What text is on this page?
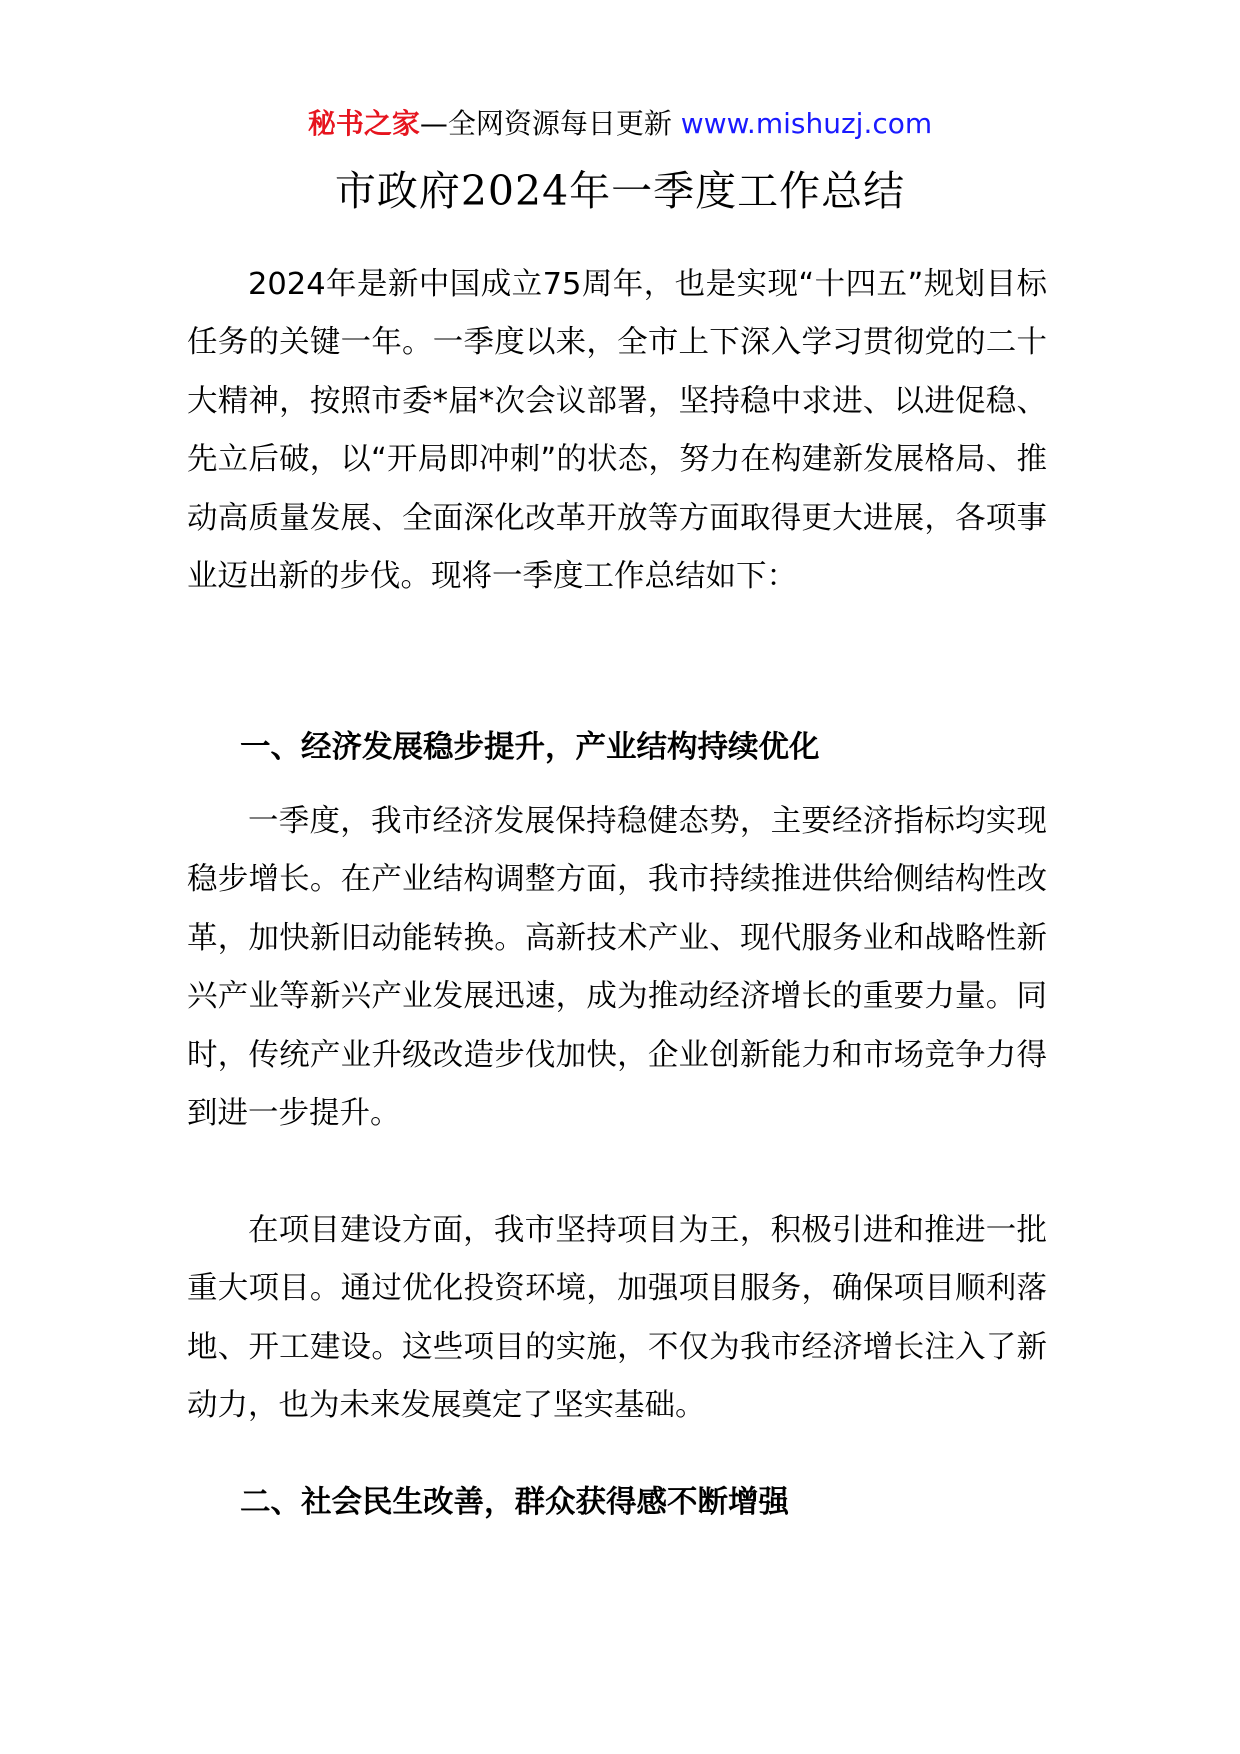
秘书之家—全网资源每日更新 www.mishuzj.com
市政府2024年一季度工作总结

2024年是新中国成立75周年，也是实现“十四五”规划目标任务的关键一年。一季度以来，全市上下深入学习贯彻党的二十大精神，按照市委*届*次会议部署，坚持稳中求进、以进促稳、先立后破，以“开局即冲刺”的状态，努力在构建新发展格局、推动高质量发展、全面深化改革开放等方面取得更大进展，各项事业迈出新的步伐。现将一季度工作总结如下：

一、经济发展稳步提升，产业结构持续优化

一季度，我市经济发展保持稳健态势，主要经济指标均实现稳步增长。在产业结构调整方面，我市持续推进供给侧结构性改革，加快新旧动能转换。高新技术产业、现代服务业和战略性新兴产业等新兴产业发展迅速，成为推动经济增长的重要力量。同时，传统产业升级改造步伐加快，企业创新能力和市场竞争力得到进一步提升。

在项目建设方面，我市坚持项目为王，积极引进和推进一批重大项目。通过优化投资环境，加强项目服务，确保项目顺利落地、开工建设。这些项目的实施，不仅为我市经济增长注入了新动力，也为未来发展奠定了坚实基础。

二、社会民生改善，群众获得感不断增强
